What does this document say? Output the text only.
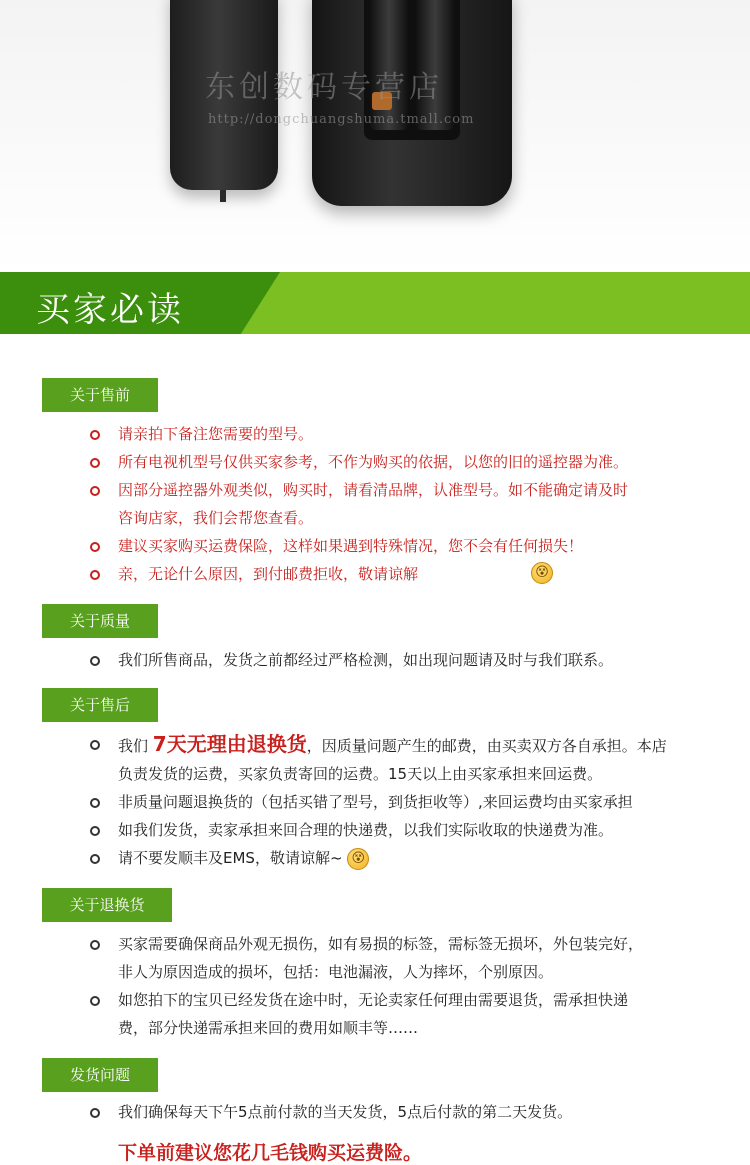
东创数码专营店
http://dongchuangshuma.tmall.com
买家必读
关于售前
请亲拍下备注您需要的型号。
所有电视机型号仅供买家参考，不作为购买的依据，以您的旧的遥控器为准。
因部分遥控器外观类似，购买时，请看清品牌，认准型号。如不能确定请及时
咨询店家，我们会帮您查看。
建议买家购买运费保险，这样如果遇到特殊情况，您不会有任何损失！
亲，无论什么原因，到付邮费拒收，敬请谅解	😵
关于质量
我们所售商品，发货之前都经过严格检测，如出现问题请及时与我们联系。
关于售后
我们 7天无理由退换货，因质量问题产生的邮费，由买卖双方各自承担。本店
负责发货的运费，买家负责寄回的运费。15天以上由买家承担来回运费。
非质量问题退换货的（包括买错了型号，到货拒收等）,来回运费均由买家承担
如我们发货，卖家承担来回合理的快递费，以我们实际收取的快递费为准。
请不要发顺丰及EMS，敬请谅解~ 😵
关于退换货
买家需要确保商品外观无损伤，如有易损的标签，需标签无损坏，外包装完好，
非人为原因造成的损坏，包括：电池漏液，人为摔坏，个别原因。
如您拍下的宝贝已经发货在途中时，无论卖家任何理由需要退货，需承担快递
费，部分快递需承担来回的费用如顺丰等……
发货问题
我们确保每天下午5点前付款的当天发货，5点后付款的第二天发货。
下单前建议您花几毛钱购买运费险。
